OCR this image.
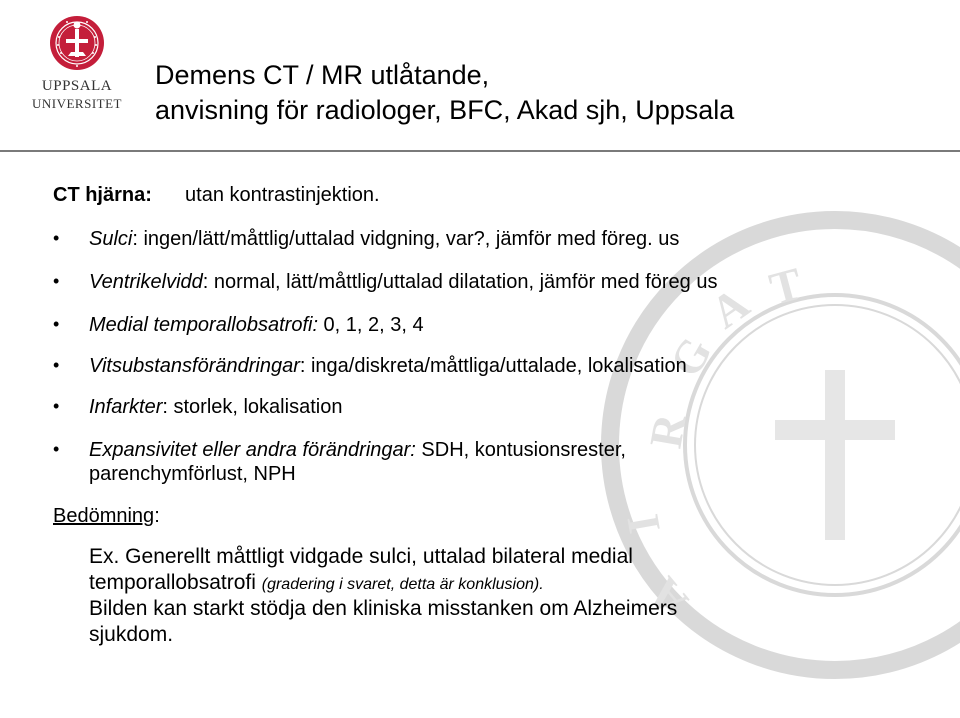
UPPSALA
UNIVERSITET

Demens CT / MR utlåtande,

anvisning för radiologer, BFC, Akad sjh, Uppsala

G
R
A T
I
A
CT hjärna: utan kontrastinjektion.
• Sulci: ingen/lätt/måttlig/uttalad vidgning, var?, jämför med föreg. us
• Ventrikelvidd: normal, lätt/måttlig/uttalad dilatation, jämför med föreg us
• Medial temporallobsatrofi: 0, 1, 2, 3, 4
• Vitsubstansförändringar: inga/diskreta/måttliga/uttalade, lokalisation
• Infarkter: storlek, lokalisation
• Expansivitet eller andra förändringar: SDH, kontusionsrester,
parenchymförlust, NPH
Bedömning:
Ex. Generellt måttligt vidgade sulci, uttalad bilateral medial
temporallobsatrofi (gradering i svaret, detta är konklusion).
Bilden kan starkt stödja den kliniska misstanken om Alzheimers
sjukdom.
